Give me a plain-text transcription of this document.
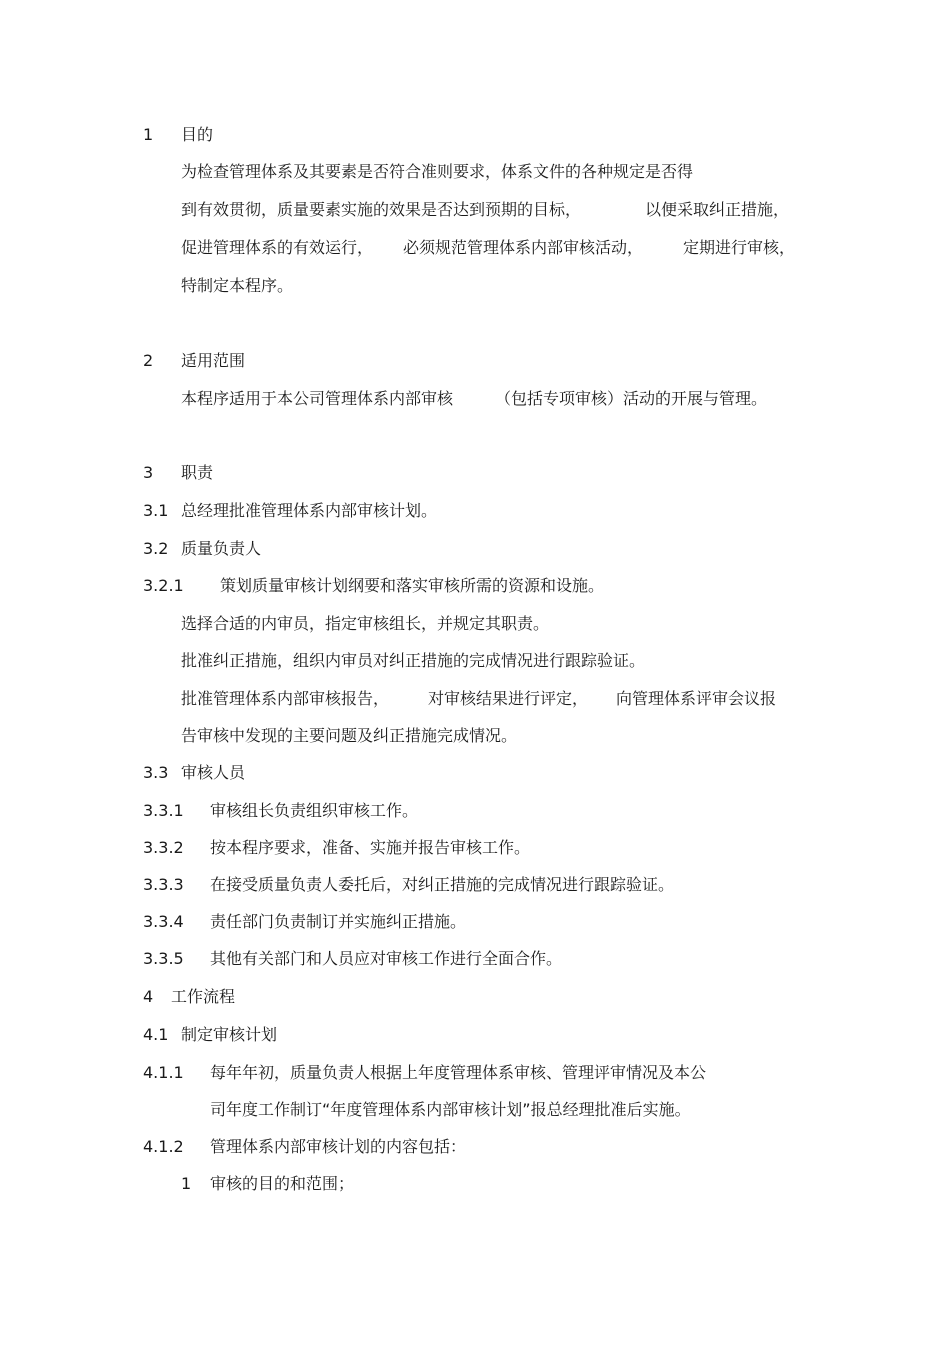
1 目的
为检查管理体系及其要素是否符合准则要求，体系文件的各种规定是否得
到有效贯彻，质量要素实施的效果是否达到预期的目标，	以便采取纠正措施，
促进管理体系的有效运行， 必须规范管理体系内部审核活动， 定期进行审核，
特制定本程序。
2 适用范围
本程序适用于本公司管理体系内部审核	（包括专项审核）活动的开展与管理。
3 职责
3.1 总经理批准管理体系内部审核计划。
3.2 质量负责人
3.2.1 策划质量审核计划纲要和落实审核所需的资源和设施。
选择合适的内审员，指定审核组长，并规定其职责。
批准纠正措施，组织内审员对纠正措施的完成情况进行跟踪验证。
批准管理体系内部审核报告， 对审核结果进行评定， 向管理体系评审会议报
告审核中发现的主要问题及纠正措施完成情况。
3.3 审核人员
3.3.1 审核组长负责组织审核工作。
3.3.2 按本程序要求，准备、实施并报告审核工作。
3.3.3 在接受质量负责人委托后，对纠正措施的完成情况进行跟踪验证。
3.3.4 责任部门负责制订并实施纠正措施。
3.3.5 其他有关部门和人员应对审核工作进行全面合作。
4 工作流程
4.1 制定审核计划
4.1.1 每年年初，质量负责人根据上年度管理体系审核、管理评审情况及本公
司年度工作制订“年度管理体系内部审核计划”报总经理批准后实施。
4.1.2 管理体系内部审核计划的内容包括：
1 审核的目的和范围；
